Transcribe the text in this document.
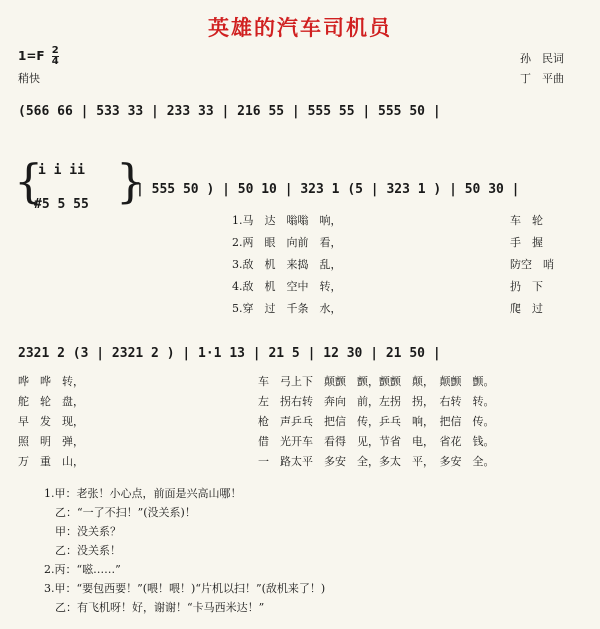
英雄的汽车司机员
$1=F \frac{2}{4}$
稍快
孙　民词
丁　平曲
(566 66 | 533 33 | 233 33 | 216 55 | 555 55 | 555 50 |
{
i i ii
#5 5 55 }
| 555 50 ) | 50 10 | 323 1 (5 | 323 1 ) | 50 30 |
1.马　达　嗡嗡　响，
2.两　眼　向前　看，
3.敌　机　来捣　乱，
4.敌　机　空中　转，
5.穿　过　千条　水，
车　轮
手　握
防空　哨
扔　下
爬　过
2321 2 (3 | 2321 2 ) | 1·1 13 | 21 5 | 12 30 | 21 50 |
哗　哗　转，
舵　轮　盘，
早　发　现，
照　明　弹，
万　重　山，
车　弓上下　颠颤　颤，颤颤　颠，　颠颤　颤。
左　拐右转　奔向　前，左拐　拐，　右转　转。
枪　声乒乓　把信　传，乒乓　响，　把信　传。
借　光开车　看得　见，节省　电，　省花　钱。
一　路太平　多安　全，多太　平，　多安　全。
1.甲：老张！小心点，前面是兴高山哪！
　乙：“一了不扫！”(没关系)！
　甲：没关系？
　乙：没关系！
2.丙：“嗞……”
3.甲：“要包西要！”(喂！喂！)“片机以扫！”(敌机来了！)
　乙：有飞机呀！好，谢谢！“卡马西米达！”
